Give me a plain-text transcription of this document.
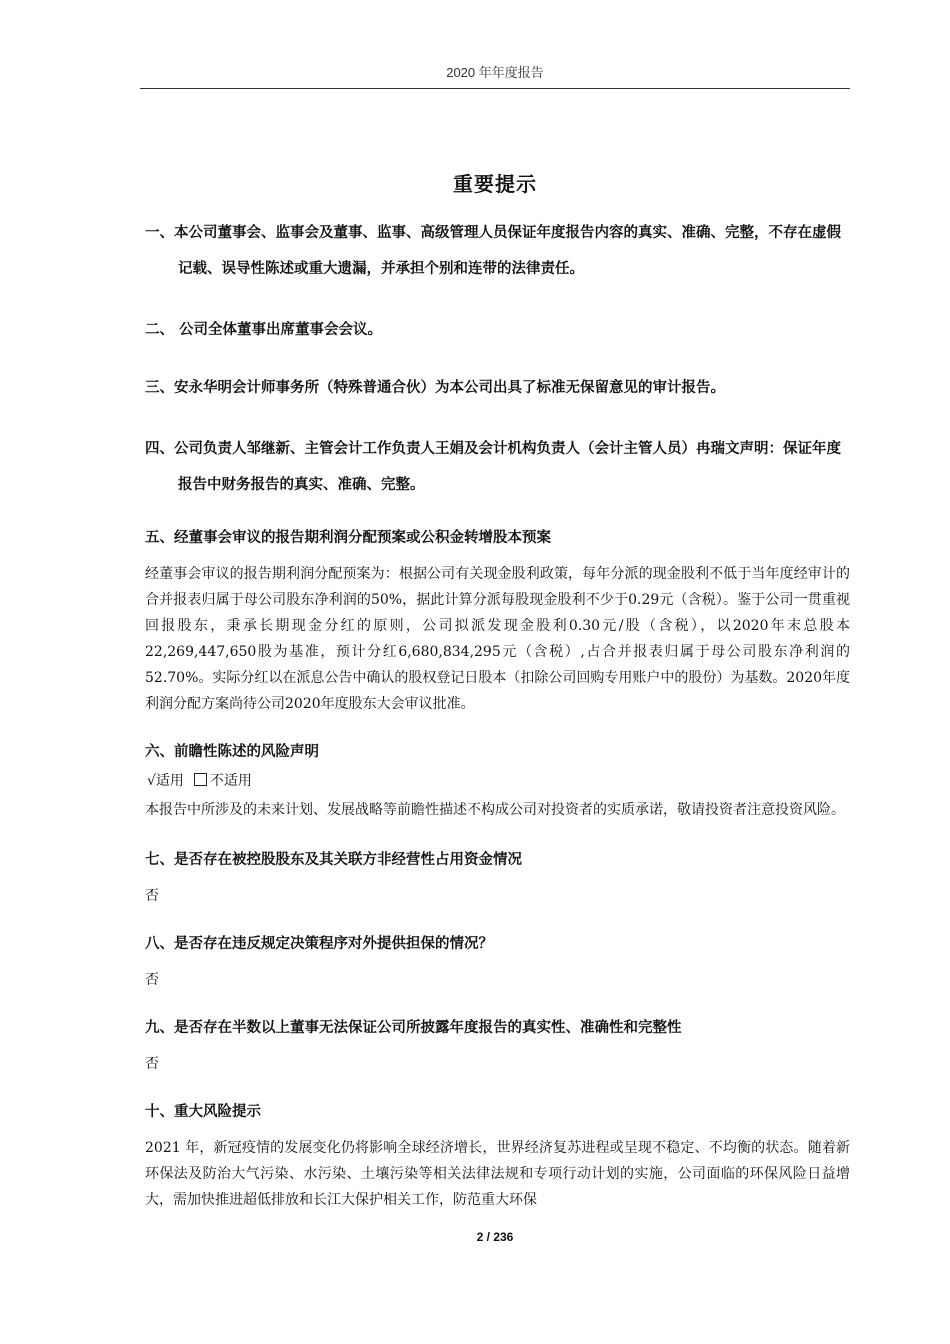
2020 年年度报告
重要提示

一、本公司董事会、监事会及董事、监事、高级管理人员保证年度报告内容的真实、准确、完整，不存在虚假记载、误导性陈述或重大遗漏，并承担个别和连带的法律责任。

二、 公司全体董事出席董事会会议。

三、安永华明会计师事务所（特殊普通合伙）为本公司出具了标准无保留意见的审计报告。

四、公司负责人邹继新、主管会计工作负责人王娟及会计机构负责人（会计主管人员）冉瑞文声明：保证年度报告中财务报告的真实、准确、完整。

五、经董事会审议的报告期利润分配预案或公积金转增股本预案

经董事会审议的报告期利润分配预案为：根据公司有关现金股利政策，每年分派的现金股利不低于当年度经审计的合并报表归属于母公司股东净利润的50%，据此计算分派每股现金股利不少于0.29元（含税）。鉴于公司一贯重视回报股东，秉承长期现金分红的原则，公司拟派发现金股利0.30元/股（含税），以2020年末总股本22,269,447,650股为基准，预计分红6,680,834,295元（含税）,占合并报表归属于母公司股东净利润的52.70%。实际分红以在派息公告中确认的股权登记日股本（扣除公司回购专用账户中的股份）为基数。2020年度利润分配方案尚待公司2020年度股东大会审议批准。

六、前瞻性陈述的风险声明

√适用 不适用

本报告中所涉及的未来计划、发展战略等前瞻性描述不构成公司对投资者的实质承诺，敬请投资者注意投资风险。

七、是否存在被控股股东及其关联方非经营性占用资金情况

否

八、是否存在违反规定决策程序对外提供担保的情况？

否

九、是否存在半数以上董事无法保证公司所披露年度报告的真实性、准确性和完整性

否

十、重大风险提示

2021 年，新冠疫情的发展变化仍将影响全球经济增长，世界经济复苏进程或呈现不稳定、不均衡的状态。随着新环保法及防治大气污染、水污染、土壤污染等相关法律法规和专项行动计划的实施，公司面临的环保风险日益增大，需加快推进超低排放和长江大保护相关工作，防范重大环保

2 / 236
